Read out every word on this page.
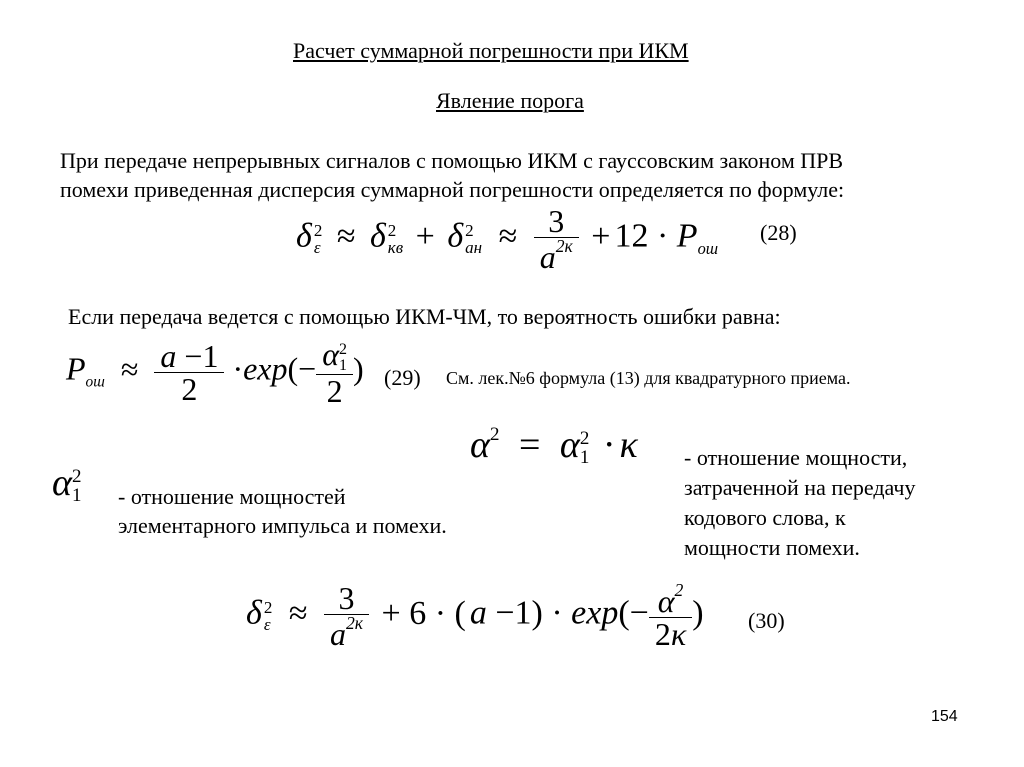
Расчет суммарной погрешности при ИКМ
Явление порога
При передаче непрерывных сигналов с помощью ИКМ с гауссовским законом ПРВ
помехи приведенная дисперсия суммарной погрешности определяется по формуле:
δ 2
ε ≈ δ 2
кв + δ 2
ан ≈ $\frac{3}{a^{2к}} + 12 \cdot P_{ош}$
(28)
Если передача ведется с помощью ИКМ-ЧМ, то вероятность ошибки равна:
$P_{ош} \approx \frac{a -1}{2} \cdot\exp(- \alpha$ 2
1
2 ) (29) См. лек.№6 формула (13) для квадратурного приема.
$\alpha^2 = \alpha$ 2
1 · κ
α 2
1 - отношение мощностей
элементарного импульса и помехи.
- отношение мощности,
затраченной на передачу
кодового слова, к
мощности помехи.
δ 2
$\varepsilon \approx \frac{3}{a^{2к}} + 6$ · ( $a -1) \cdot \exp(- \frac{\alpha^2}{2\kappa}$ ) (30)
154
